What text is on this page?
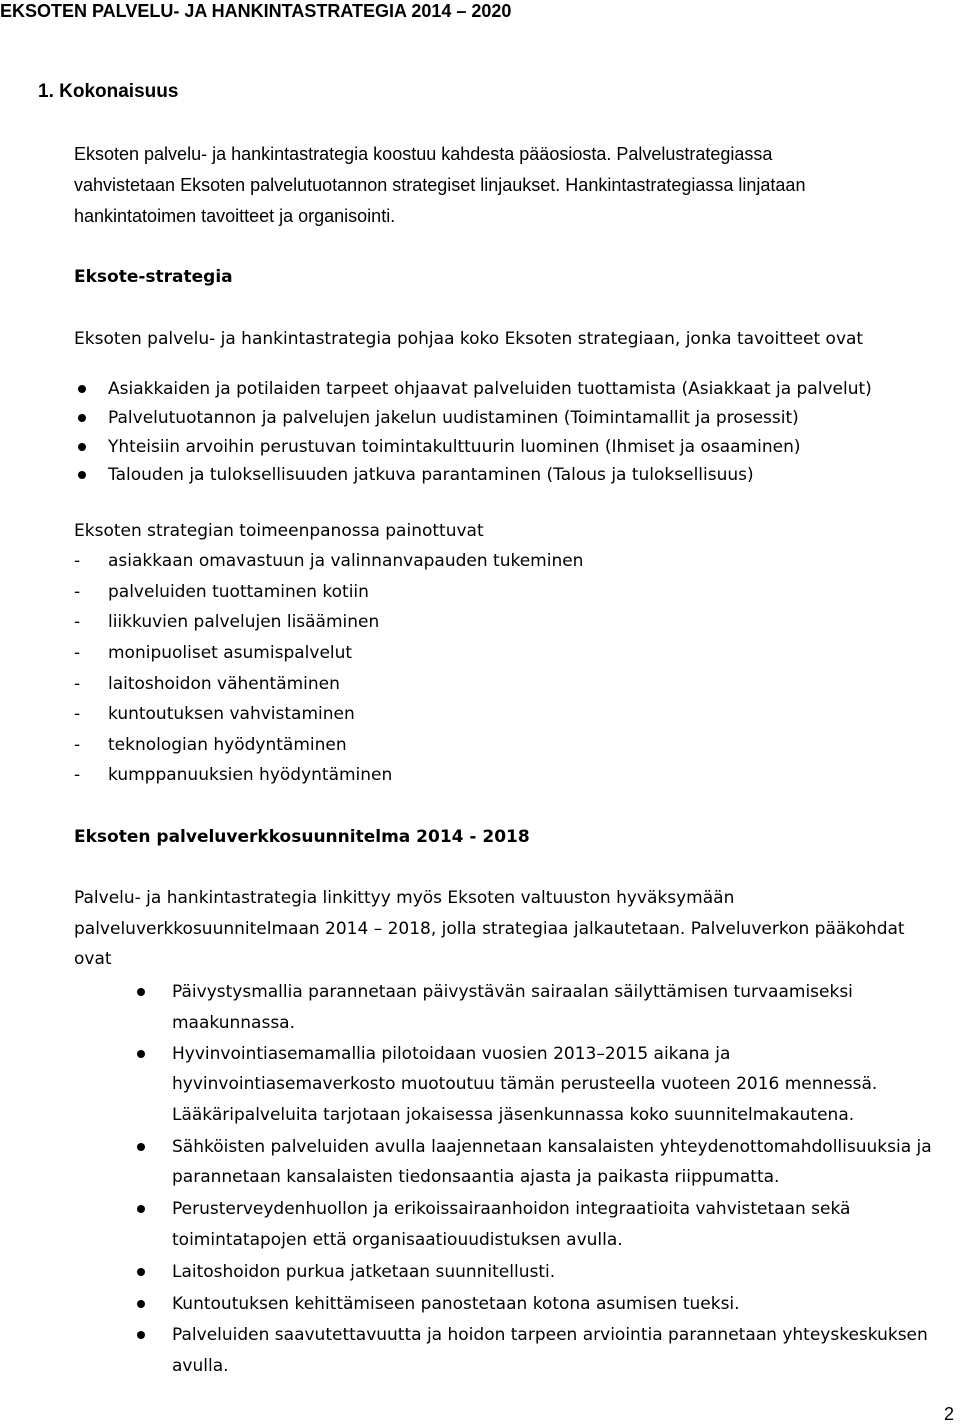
EKSOTEN PALVELU- JA HANKINTASTRATEGIA 2014 – 2020
1. Kokonaisuus
Eksoten palvelu- ja hankintastrategia koostuu kahdesta pääosiosta. Palvelustrategiassa
vahvistetaan Eksoten palvelutuotannon strategiset linjaukset. Hankintastrategiassa linjataan
hankintatoimen tavoitteet ja organisointi.
Eksote-strategia
Eksoten palvelu- ja hankintastrategia pohjaa koko Eksoten strategiaan, jonka tavoitteet ovat
Asiakkaiden ja potilaiden tarpeet ohjaavat palveluiden tuottamista (Asiakkaat ja palvelut)
Palvelutuotannon ja palvelujen jakelun uudistaminen (Toimintamallit ja prosessit)
Yhteisiin arvoihin perustuvan toimintakulttuurin luominen (Ihmiset ja osaaminen)
Talouden ja tuloksellisuuden jatkuva parantaminen (Talous ja tuloksellisuus)
Eksoten strategian toimeenpanossa painottuvat
- asiakkaan omavastuun ja valinnanvapauden tukeminen
- palveluiden tuottaminen kotiin
- liikkuvien palvelujen lisääminen
- monipuoliset asumispalvelut
- laitoshoidon vähentäminen
- kuntoutuksen vahvistaminen
- teknologian hyödyntäminen
- kumppanuuksien hyödyntäminen
Eksoten palveluverkkosuunnitelma 2014 - 2018
Palvelu- ja hankintastrategia linkittyy myös Eksoten valtuuston hyväksymään
palveluverkkosuunnitelmaan 2014 – 2018, jolla strategiaa jalkautetaan. Palveluverkon pääkohdat
ovat
Päivystysmallia parannetaan päivystävän sairaalan säilyttämisen turvaamiseksi
maakunnassa.
Hyvinvointiasemamallia pilotoidaan vuosien 2013–2015 aikana ja
hyvinvointiasemaverkosto muotoutuu tämän perusteella vuoteen 2016 mennessä.
Lääkäripalveluita tarjotaan jokaisessa jäsenkunnassa koko suunnitelmakautena.
Sähköisten palveluiden avulla laajennetaan kansalaisten yhteydenottomahdollisuuksia ja
parannetaan kansalaisten tiedonsaantia ajasta ja paikasta riippumatta.
Perusterveydenhuollon ja erikoissairaanhoidon integraatioita vahvistetaan sekä
toimintatapojen että organisaatiouudistuksen avulla.
Laitoshoidon purkua jatketaan suunnitellusti.
Kuntoutuksen kehittämiseen panostetaan kotona asumisen tueksi.
Palveluiden saavutettavuutta ja hoidon tarpeen arviointia parannetaan yhteyskeskuksen
avulla.
2
